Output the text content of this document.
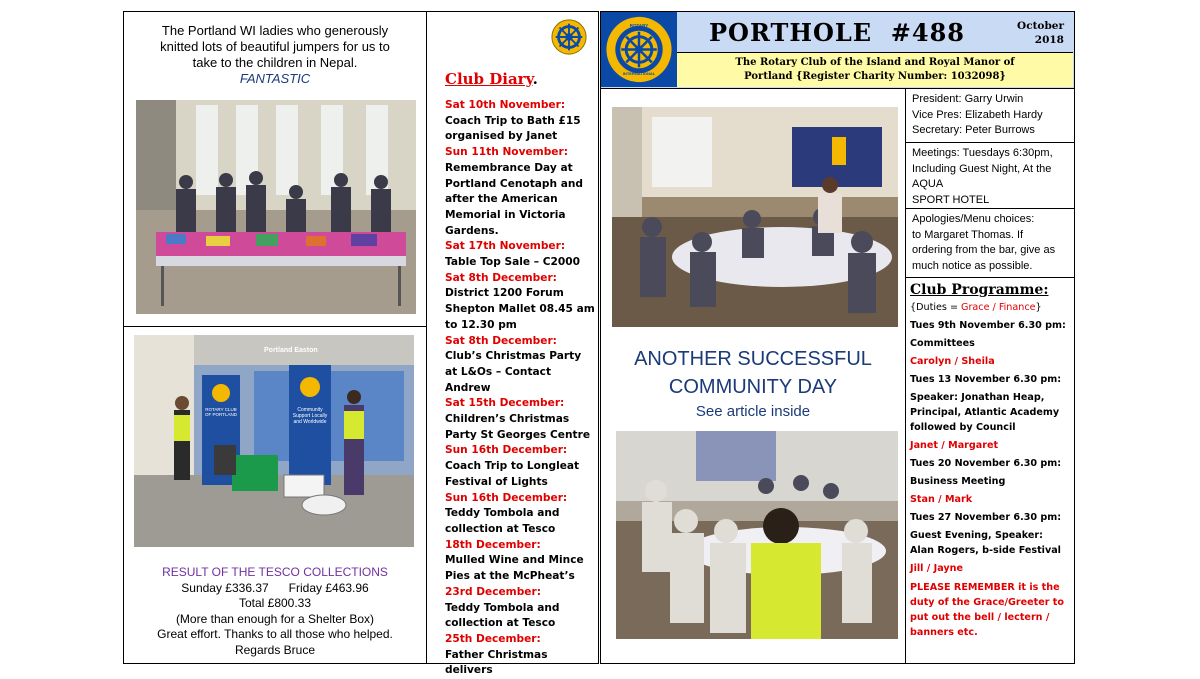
The Portland WI ladies who generously
knitted lots of beautiful jumpers for us to
take to the children in Nepal.
FANTASTIC
RESULT OF THE TESCO COLLECTIONS
Sunday £336.37      Friday £463.96
Total £800.33
(More than enough for a Shelter Box)
Great effort. Thanks to all those who helped.
Regards Bruce
ROTARY CLUB OF PORTLAND
Community Support Locally and Worldwide
Portland Easton
Club Diary.
Sat 10th November:
Coach Trip to Bath £15 organised by Janet
Sun 11th November:
Remembrance Day at Portland Cenotaph and after the American Memorial in Victoria Gardens.
Sat 17th November:
Table Top Sale – C2000
Sat 8th December:
District 1200 Forum Shepton Mallet 08.45 am to 12.30 pm
Sat 8th December:
Club’s Christmas Party at L&Os – Contact Andrew
Sat 15th December:
Children’s Christmas Party St Georges Centre
Sun 16th December:
Coach Trip to Longleat Festival of Lights
Sun 16th December:
Teddy Tombola and collection at Tesco
18th December:
Mulled Wine and Mince Pies at the McPheat’s
23rd December:
Teddy Tombola and collection at Tesco
25th December:
Father Christmas delivers
ROTARY
INTERNATIONAL
PORTHOLE  #488	October
2018
The Rotary Club of the Island and Royal Manor of
Portland {Register Charity Number: 1032098}
ANOTHER SUCCESSFUL
COMMUNITY DAY
See article inside
President: Garry Urwin
Vice Pres: Elizabeth Hardy
Secretary: Peter Burrows
Meetings: Tuesdays 6:30pm,
Including Guest Night, At the
AQUA
SPORT HOTEL
Apologies/Menu choices:
to Margaret Thomas. If
ordering from the bar, give as
much notice as possible.
Club Programme:
{Duties = Grace / Finance}
Tues 9th November 6.30 pm:
Committees
Carolyn / Sheila
Tues 13 November 6.30 pm:
Speaker: Jonathan Heap, Principal, Atlantic Academy followed by Council
Janet / Margaret
Tues 20 November 6.30 pm:
Business Meeting
Stan / Mark
Tues 27 November 6.30 pm:
Guest Evening, Speaker: Alan Rogers, b-side Festival
Jill / Jayne
PLEASE REMEMBER it is the duty of the Grace/Greeter to put out the bell / lectern / banners etc.
